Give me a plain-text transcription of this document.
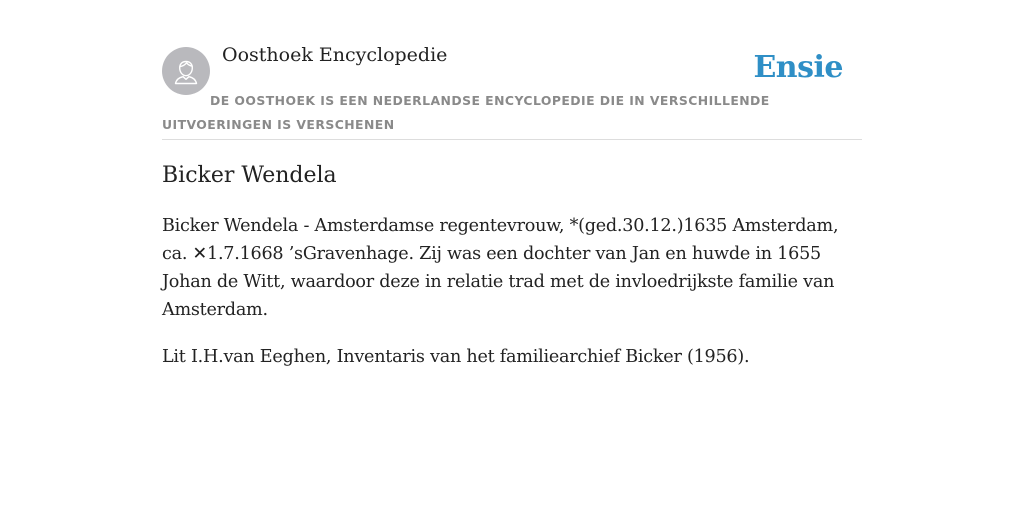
Oosthoek Encyclopedie	Ensie
DE OOSTHOEK IS EEN NEDERLANDSE ENCYCLOPEDIE DIE IN VERSCHILLENDE UITVOERINGEN IS VERSCHENEN
Bicker Wendela

Bicker Wendela - Amsterdamse regentevrouw, *(ged.30.12.)1635 Amsterdam, ca. ✕1.7.1668 ’sGravenhage. Zij was een dochter van Jan en huwde in 1655 Johan de Witt, waardoor deze in relatie trad met de invloedrijkste familie van Amsterdam.

Lit I.H.van Eeghen, Inventaris van het familiearchief Bicker (1956).
